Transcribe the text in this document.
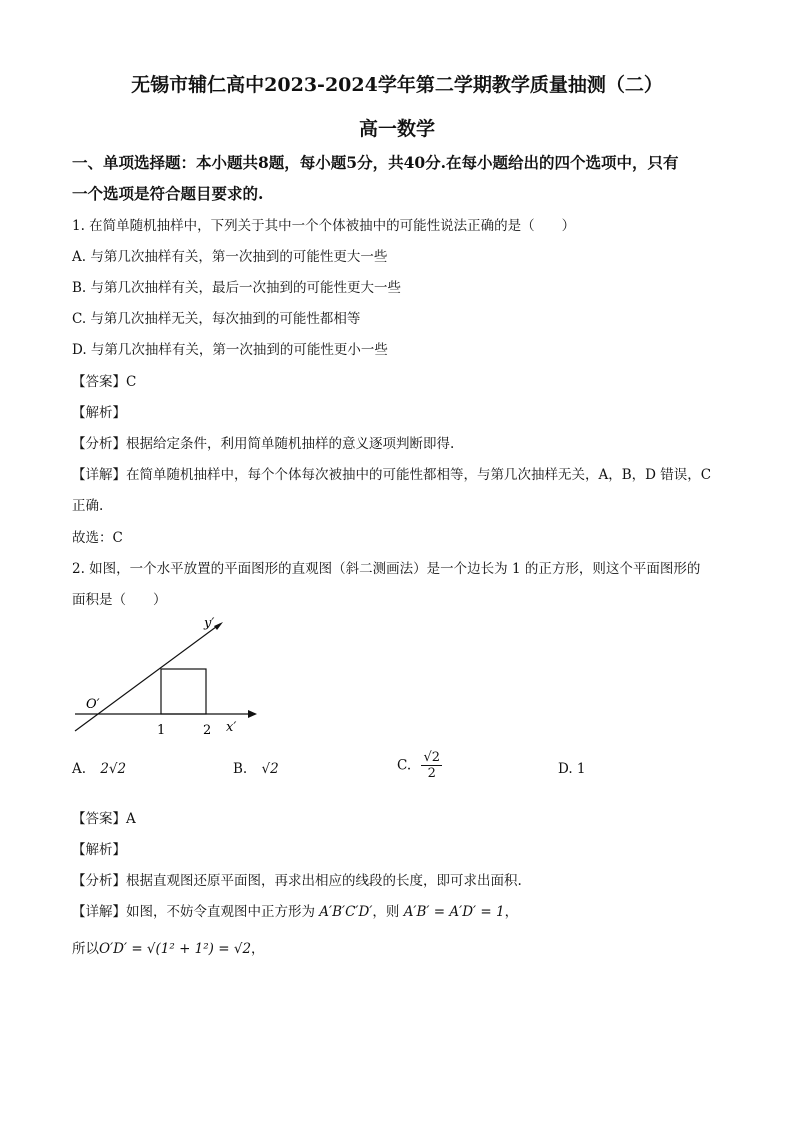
无锡市辅仁高中2023-2024学年第二学期教学质量抽测（二）
高一数学
一、单项选择题：本小题共8题，每小题5分，共40分.在每小题给出的四个选项中，只有
一个选项是符合题目要求的.
1. 在简单随机抽样中，下列关于其中一个个体被抽中的可能性说法正确的是（　　）
A. 与第几次抽样有关，第一次抽到的可能性更大一些
B. 与第几次抽样有关，最后一次抽到的可能性更大一些
C. 与第几次抽样无关，每次抽到的可能性都相等
D. 与第几次抽样有关，第一次抽到的可能性更小一些
【答案】C
【解析】
【分析】根据给定条件，利用简单随机抽样的意义逐项判断即得.
【详解】在简单随机抽样中，每个个体每次被抽中的可能性都相等，与第几次抽样无关，A，B，D 错误，C
正确.
故选：C
2. 如图，一个水平放置的平面图形的直观图（斜二测画法）是一个边长为 1 的正方形，则这个平面图形的
面积是（　　）
O′
y′
x′
1	2
A. 2√2	B. √2	C. $\frac{√2}{2}$	D. 1
【答案】A
【解析】
【分析】根据直观图还原平面图，再求出相应的线段的长度，即可求出面积.
【详解】如图，不妨令直观图中正方形为 A′B′C′D′，则 A′B′ = A′D′ = 1，
所以O′D′ = √(1² + 1²) = √2，
